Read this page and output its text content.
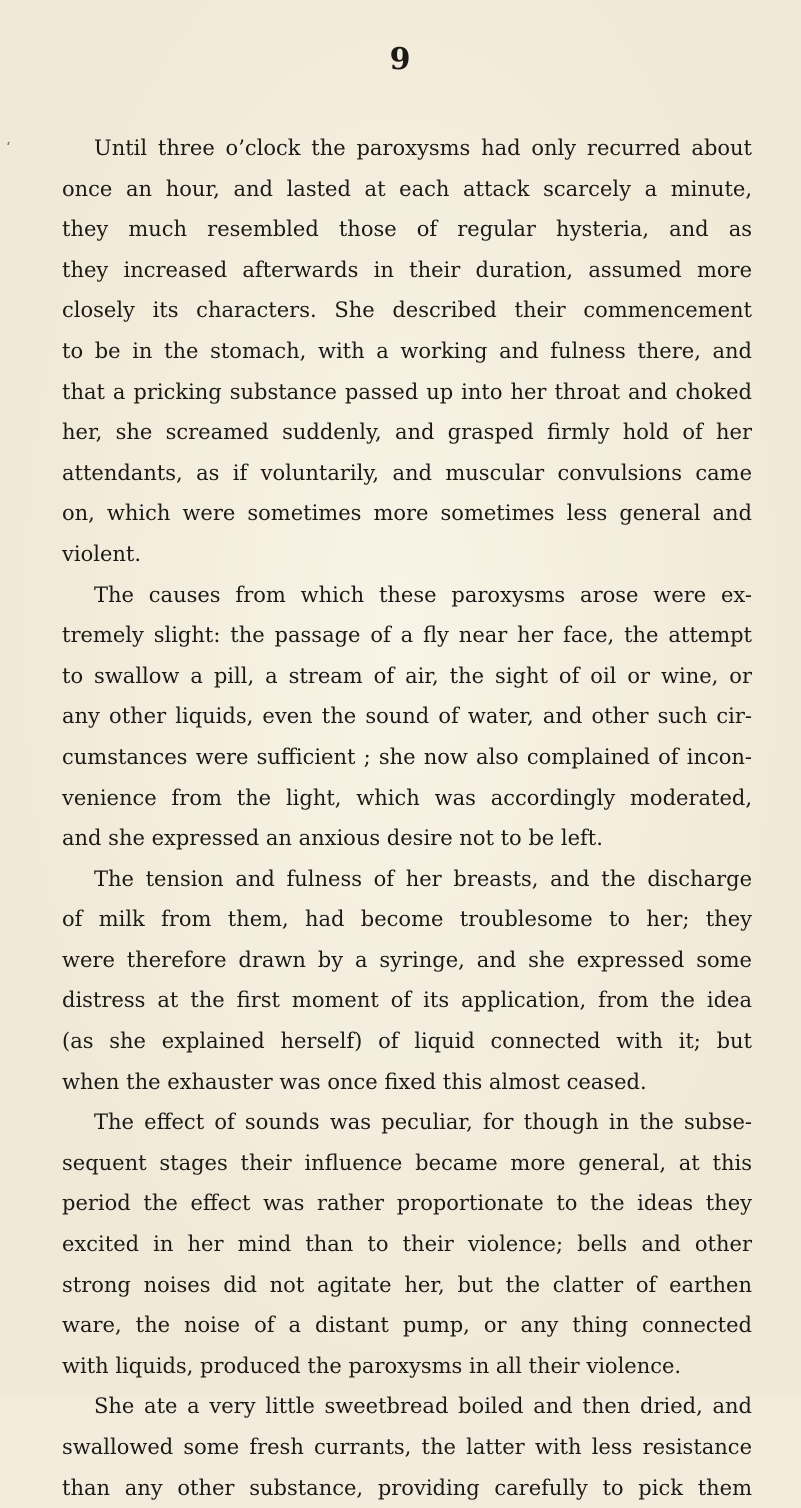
9
‘	Until three o’clock the paroxysms had only recurred about
once an hour, and lasted at each attack scarcely a minute,
they much resembled those of regular hysteria, and as
they increased afterwards in their duration, assumed more
closely its characters. She described their commencement
to be in the stomach, with a working and fulness there, and
that a pricking substance passed up into her throat and choked
her, she screamed suddenly, and grasped firmly hold of her
attendants, as if voluntarily, and muscular convulsions came
on, which were sometimes more sometimes less general and
violent.
The causes from which these paroxysms arose were ex-
tremely slight: the passage of a fly near her face, the attempt
to swallow a pill, a stream of air, the sight of oil or wine, or
any other liquids, even the sound of water, and other such cir-
cumstances were sufficient ; she now also complained of incon-
venience from the light, which was accordingly moderated,
and she expressed an anxious desire not to be left.
The tension and fulness of her breasts, and the discharge
of milk from them, had become troublesome to her; they
were therefore drawn by a syringe, and she expressed some
distress at the first moment of its application, from the idea
(as she explained herself) of liquid connected with it; but
when the exhauster was once fixed this almost ceased.
The effect of sounds was peculiar, for though in the subse-
sequent stages their influence became more general, at this
period the effect was rather proportionate to the ideas they
excited in her mind than to their violence; bells and other
strong noises did not agitate her, but the clatter of earthen
ware, the noise of a distant pump, or any thing connected
with liquids, produced the paroxysms in all their violence.
She ate a very little sweetbread boiled and then dried, and
swallowed some fresh currants, the latter with less resistance
than any other substance, providing carefully to pick them
